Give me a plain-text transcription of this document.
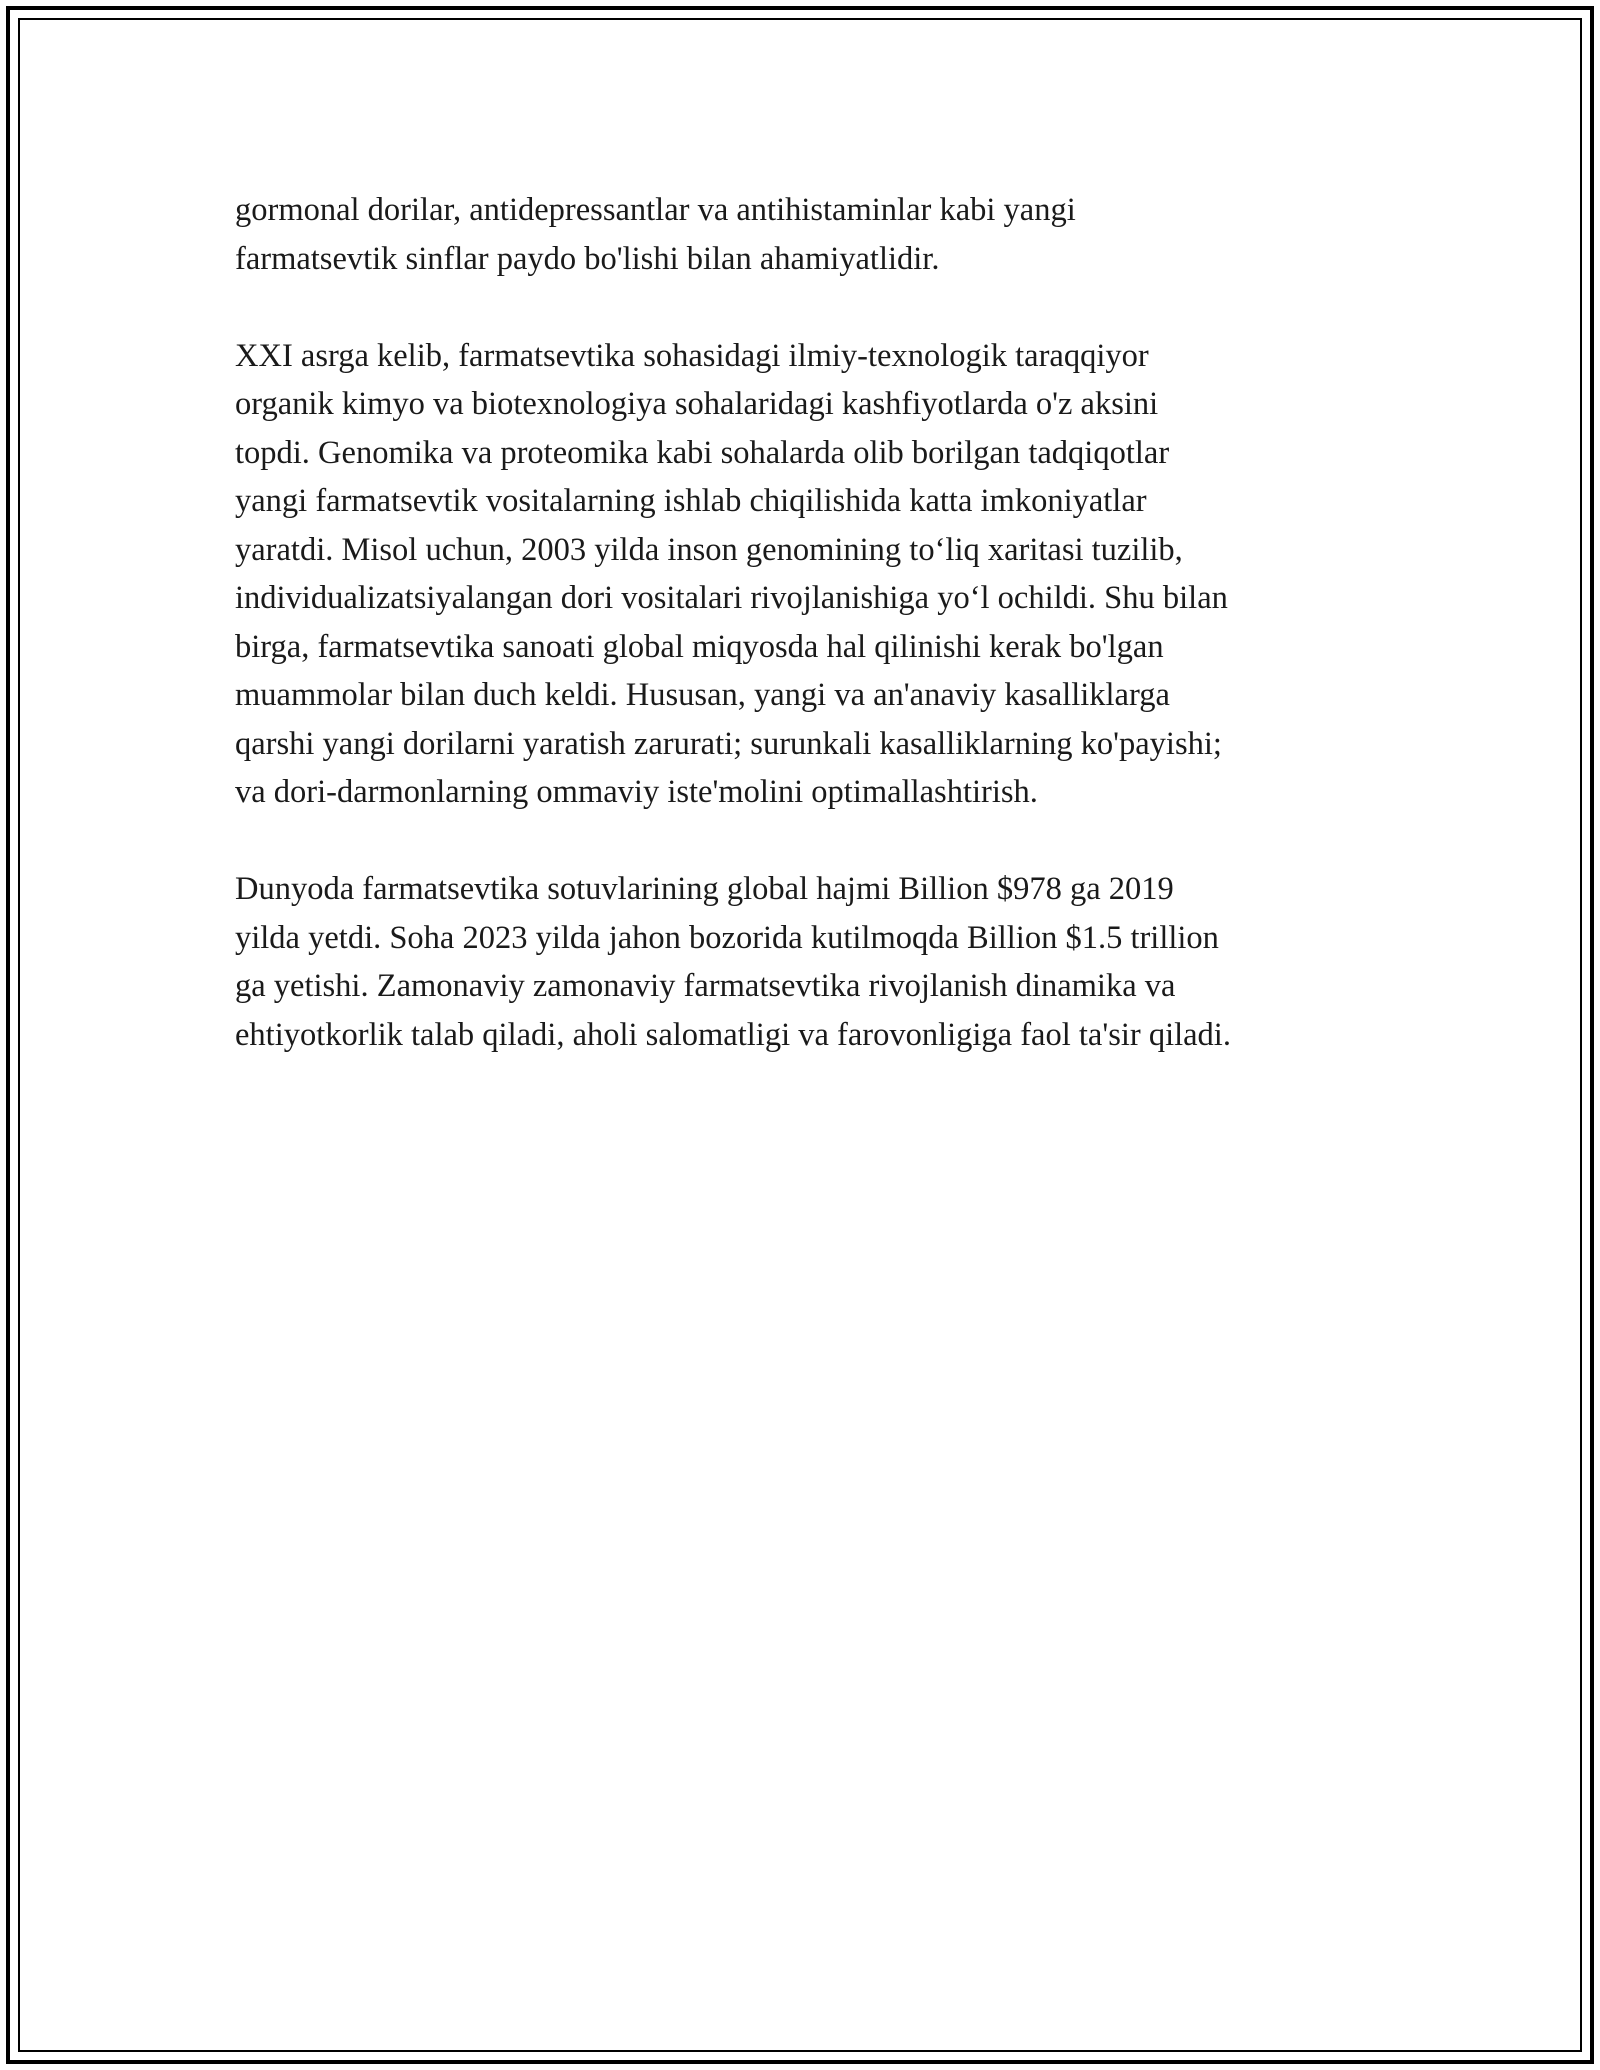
gormonal dorilar, antidepressantlar va antihistaminlar kabi yangi
farmatsevtik sinflar paydo bo'lishi bilan ahamiyatlidir.

XXI asrga kelib, farmatsevtika sohasidagi ilmiy-texnologik taraqqiyor
organik kimyo va biotexnologiya sohalaridagi kashfiyotlarda o'z aksini
topdi. Genomika va proteomika kabi sohalarda olib borilgan tadqiqotlar
yangi farmatsevtik vositalarning ishlab chiqilishida katta imkoniyatlar
yaratdi. Misol uchun, 2003 yilda inson genomining to‘liq xaritasi tuzilib,
individualizatsiyalangan dori vositalari rivojlanishiga yo‘l ochildi. Shu bilan
birga, farmatsevtika sanoati global miqyosda hal qilinishi kerak bo'lgan
muammolar bilan duch keldi. Hususan, yangi va an'anaviy kasalliklarga
qarshi yangi dorilarni yaratish zarurati; surunkali kasalliklarning ko'payishi;
va dori-darmonlarning ommaviy iste'molini optimallashtirish.

Dunyoda farmatsevtika sotuvlarining global hajmi Billion $978 ga 2019
yilda yetdi. Soha 2023 yilda jahon bozorida kutilmoqda Billion $1.5 trillion
ga yetishi. Zamonaviy zamonaviy farmatsevtika rivojlanish dinamika va
ehtiyotkorlik talab qiladi, aholi salomatligi va farovonligiga faol ta'sir qiladi.
